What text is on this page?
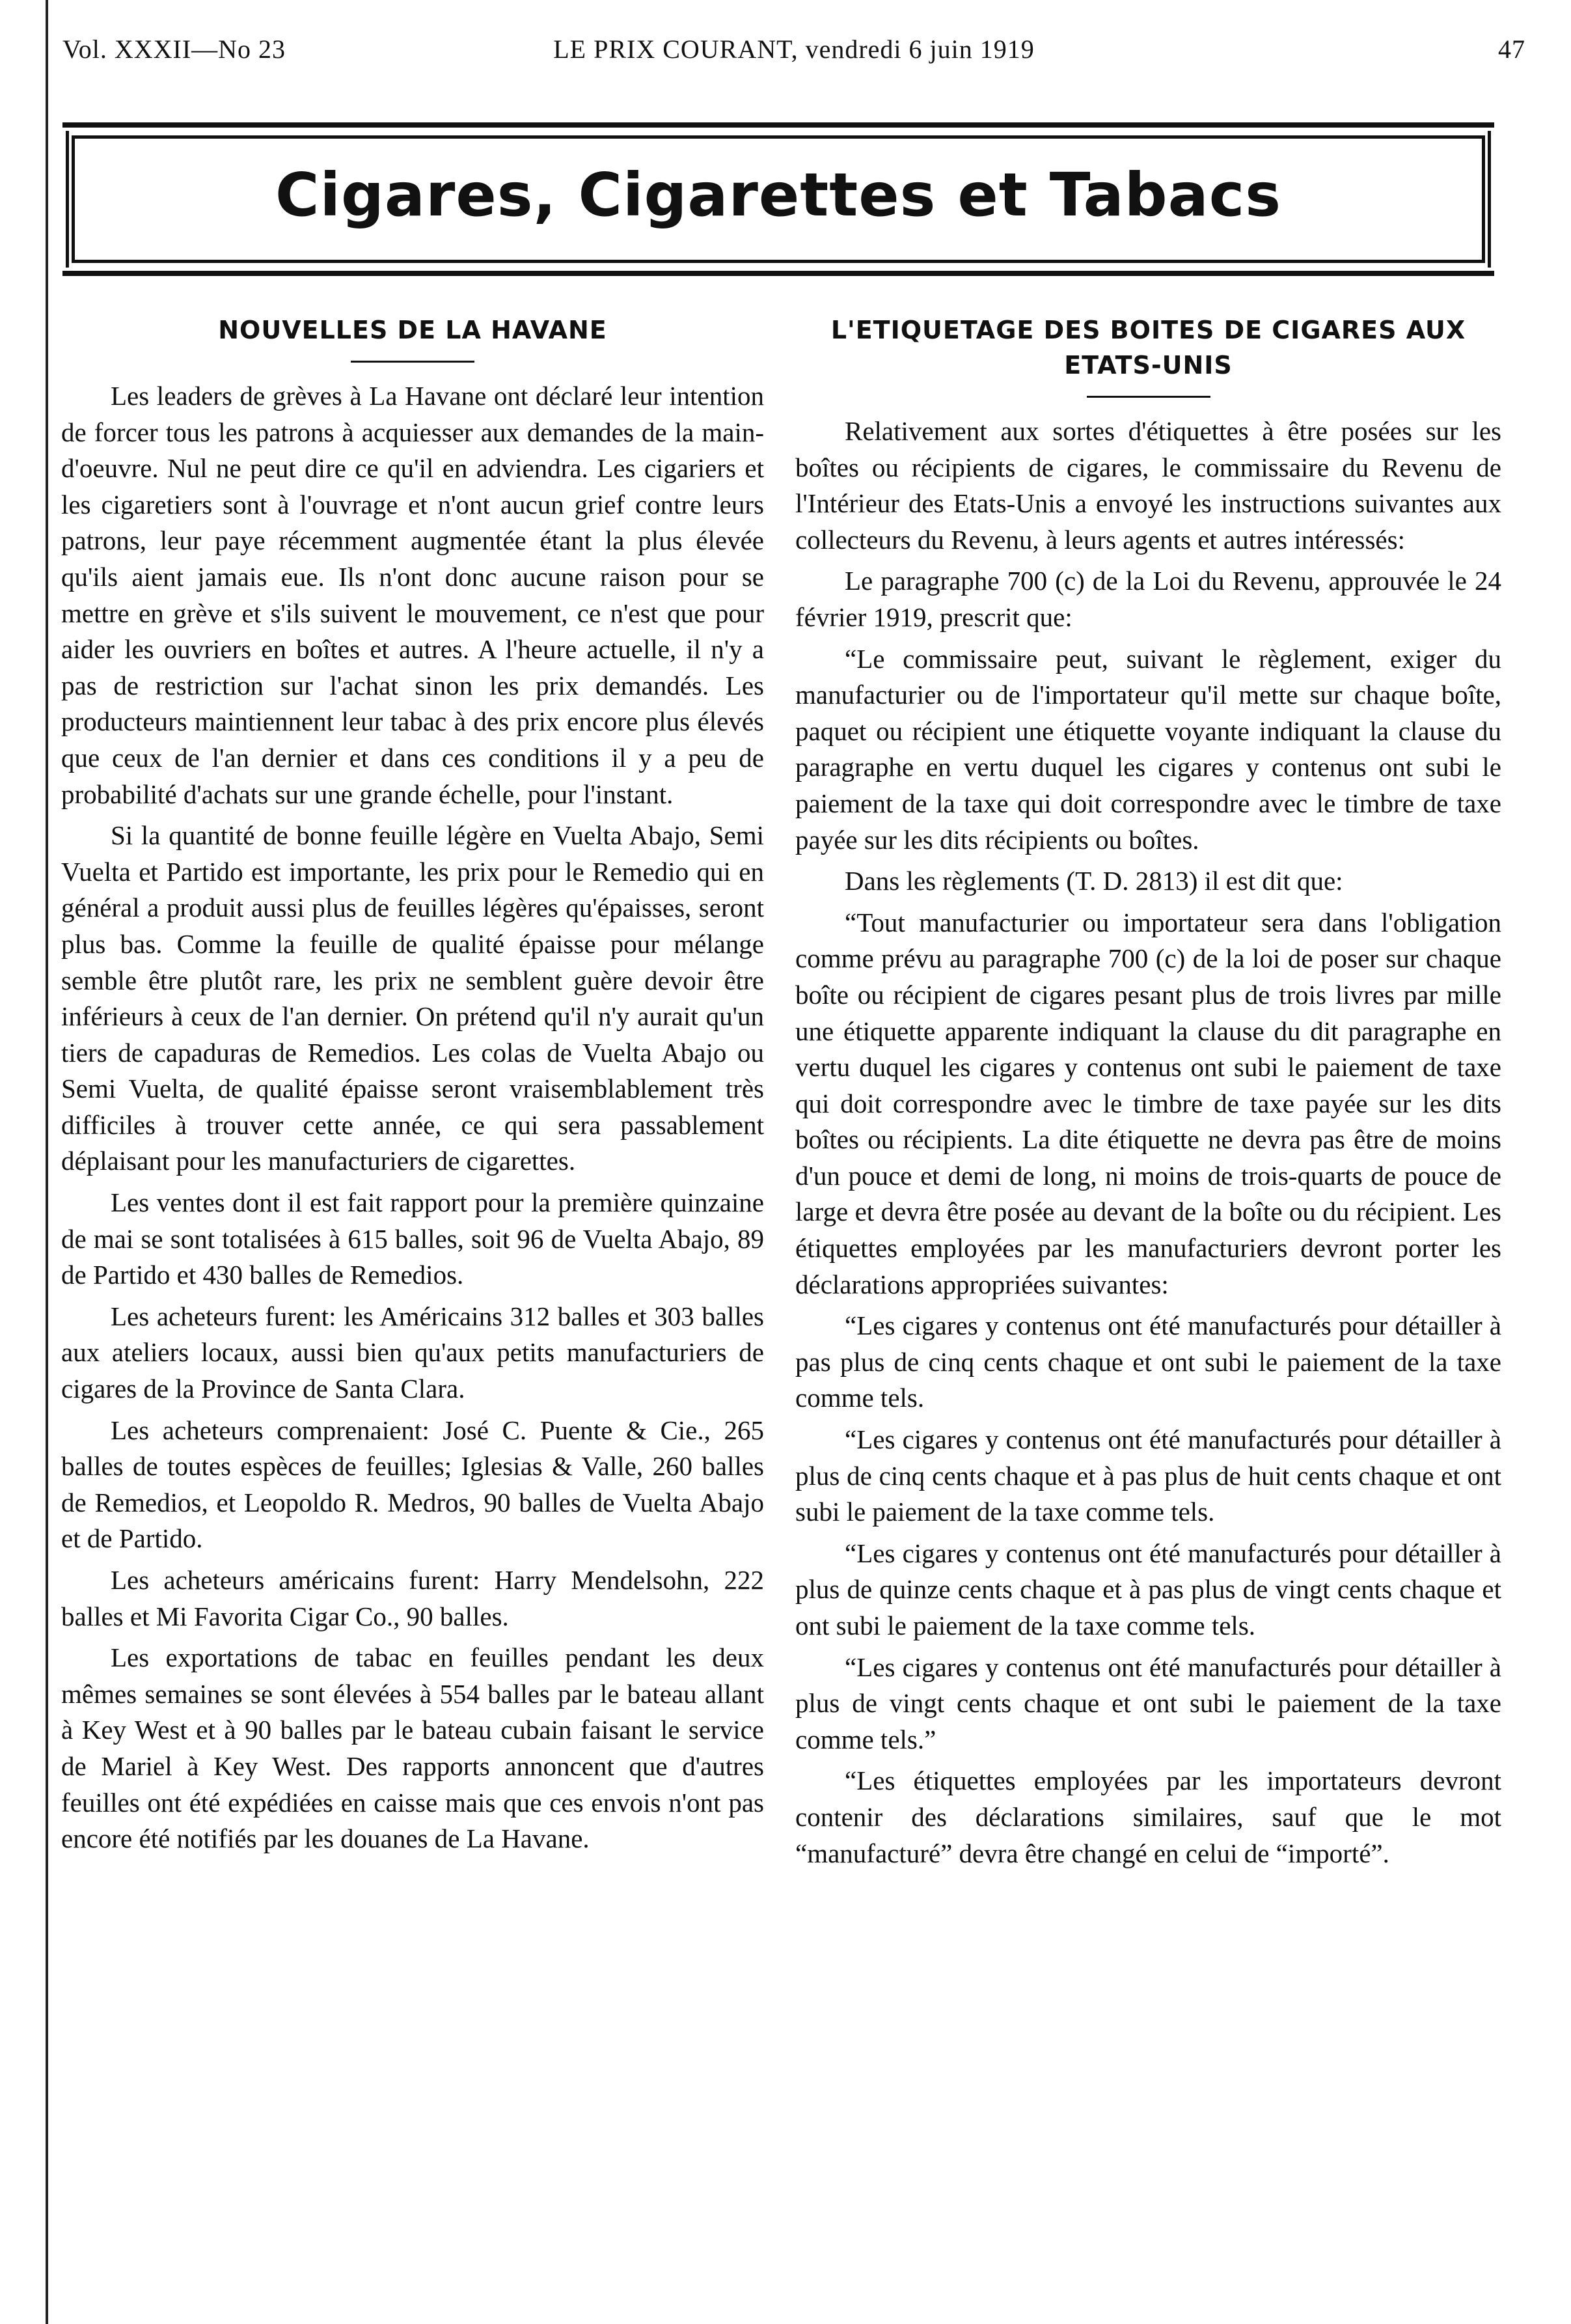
Vol. XXXII—No 23	LE PRIX COURANT, vendredi 6 juin 1919	47
Cigares, Cigarettes et Tabacs
NOUVELLES DE LA HAVANE

Les leaders de grèves à La Havane ont déclaré leur intention de forcer tous les patrons à acquiesser aux demandes de la main-d'oeuvre. Nul ne peut dire ce qu'il en adviendra. Les cigariers et les cigaretiers sont à l'ouvrage et n'ont aucun grief contre leurs patrons, leur paye récemment augmentée étant la plus élevée qu'ils aient jamais eue. Ils n'ont donc aucune raison pour se mettre en grève et s'ils suivent le mouvement, ce n'est que pour aider les ouvriers en boîtes et autres. A l'heure actuelle, il n'y a pas de restriction sur l'achat sinon les prix demandés. Les producteurs maintiennent leur tabac à des prix encore plus élevés que ceux de l'an dernier et dans ces conditions il y a peu de probabilité d'achats sur une grande échelle, pour l'instant.

Si la quantité de bonne feuille légère en Vuelta Abajo, Semi Vuelta et Partido est importante, les prix pour le Remedio qui en général a produit aussi plus de feuilles légères qu'épaisses, seront plus bas. Comme la feuille de qualité épaisse pour mélange semble être plutôt rare, les prix ne semblent guère devoir être inférieurs à ceux de l'an dernier. On prétend qu'il n'y aurait qu'un tiers de capaduras de Remedios. Les colas de Vuelta Abajo ou Semi Vuelta, de qualité épaisse seront vraisemblablement très difficiles à trouver cette année, ce qui sera passablement déplaisant pour les manufacturiers de cigarettes.

Les ventes dont il est fait rapport pour la première quinzaine de mai se sont totalisées à 615 balles, soit 96 de Vuelta Abajo, 89 de Partido et 430 balles de Remedios.

Les acheteurs furent: les Américains 312 balles et 303 balles aux ateliers locaux, aussi bien qu'aux petits manufacturiers de cigares de la Province de Santa Clara.

Les acheteurs comprenaient: José C. Puente & Cie., 265 balles de toutes espèces de feuilles; Iglesias & Valle, 260 balles de Remedios, et Leopoldo R. Medros, 90 balles de Vuelta Abajo et de Partido.

Les acheteurs américains furent: Harry Mendelsohn, 222 balles et Mi Favorita Cigar Co., 90 balles.

Les exportations de tabac en feuilles pendant les deux mêmes semaines se sont élevées à 554 balles par le bateau allant à Key West et à 90 balles par le bateau cubain faisant le service de Mariel à Key West. Des rapports annoncent que d'autres feuilles ont été expédiées en caisse mais que ces envois n'ont pas encore été notifiés par les douanes de La Havane.

L'ETIQUETAGE DES BOITES DE CIGARES AUX ETATS-UNIS

Relativement aux sortes d'étiquettes à être posées sur les boîtes ou récipients de cigares, le commissaire du Revenu de l'Intérieur des Etats-Unis a envoyé les instructions suivantes aux collecteurs du Revenu, à leurs agents et autres intéressés:

Le paragraphe 700 (c) de la Loi du Revenu, approuvée le 24 février 1919, prescrit que:

“Le commissaire peut, suivant le règlement, exiger du manufacturier ou de l'importateur qu'il mette sur chaque boîte, paquet ou récipient une étiquette voyante indiquant la clause du paragraphe en vertu duquel les cigares y contenus ont subi le paiement de la taxe qui doit correspondre avec le timbre de taxe payée sur les dits récipients ou boîtes.

Dans les règlements (T. D. 2813) il est dit que:

“Tout manufacturier ou importateur sera dans l'obligation comme prévu au paragraphe 700 (c) de la loi de poser sur chaque boîte ou récipient de cigares pesant plus de trois livres par mille une étiquette apparente indiquant la clause du dit paragraphe en vertu duquel les cigares y contenus ont subi le paiement de taxe qui doit correspondre avec le timbre de taxe payée sur les dits boîtes ou récipients. La dite étiquette ne devra pas être de moins d'un pouce et demi de long, ni moins de trois-quarts de pouce de large et devra être posée au devant de la boîte ou du récipient. Les étiquettes employées par les manufacturiers devront porter les déclarations appropriées suivantes:

“Les cigares y contenus ont été manufacturés pour détailler à pas plus de cinq cents chaque et ont subi le paiement de la taxe comme tels.

“Les cigares y contenus ont été manufacturés pour détailler à plus de cinq cents chaque et à pas plus de huit cents chaque et ont subi le paiement de la taxe comme tels.

“Les cigares y contenus ont été manufacturés pour détailler à plus de quinze cents chaque et à pas plus de vingt cents chaque et ont subi le paiement de la taxe comme tels.

“Les cigares y contenus ont été manufacturés pour détailler à plus de vingt cents chaque et ont subi le paiement de la taxe comme tels.”

“Les étiquettes employées par les importateurs devront contenir des déclarations similaires, sauf que le mot “manufacturé” devra être changé en celui de “importé”.
